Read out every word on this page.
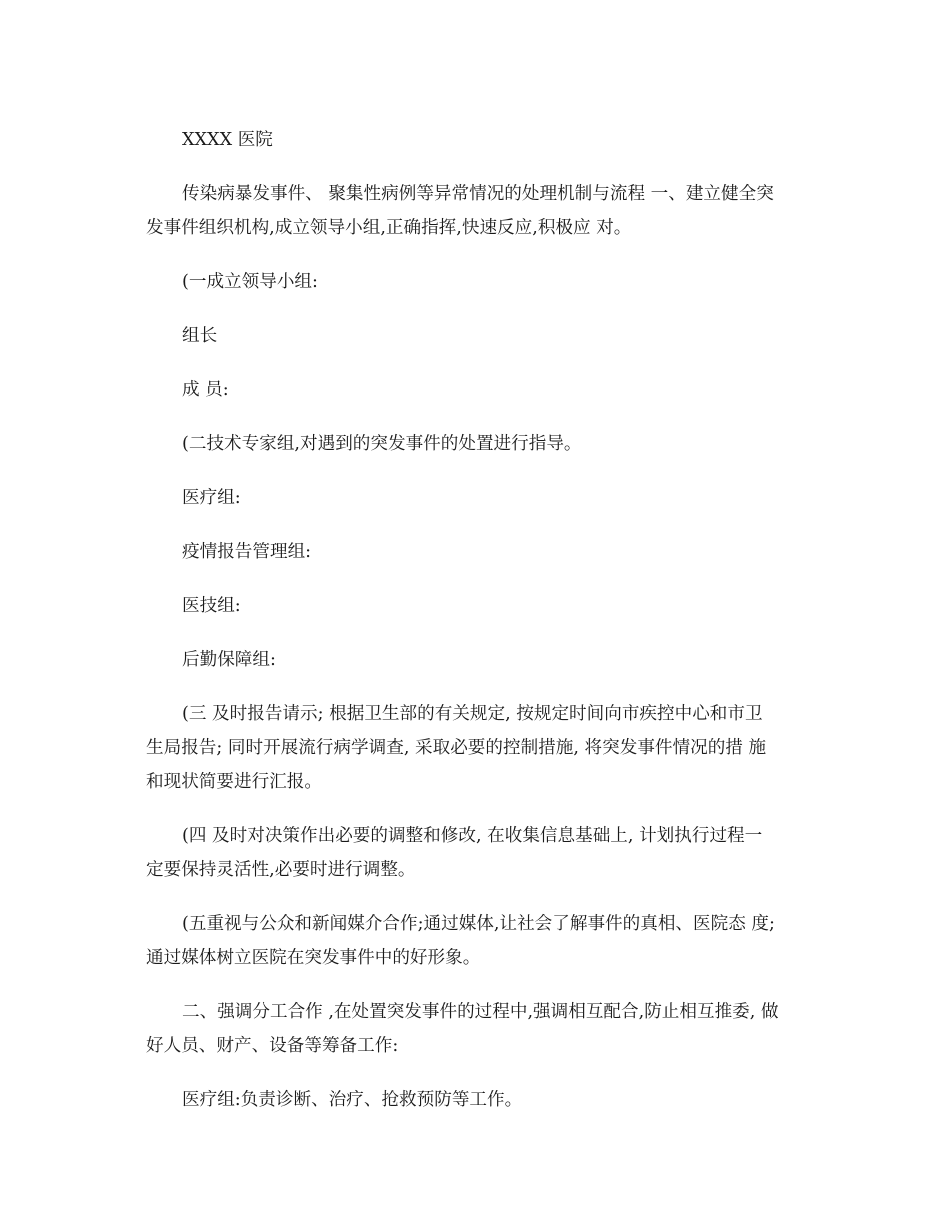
XXXX 医院
传染病暴发事件、 聚集性病例等异常情况的处理机制与流程 一、建立健全突
发事件组织机构,成立领导小组,正确指挥,快速反应,积极应 对。
(一成立领导小组:
组长
成 员:
(二技术专家组,对遇到的突发事件的处置进行指导。
医疗组:
疫情报告管理组:
医技组:
后勤保障组:
(三 及时报告请示; 根据卫生部的有关规定, 按规定时间向市疾控中心和市卫
生局报告; 同时开展流行病学调查, 采取必要的控制措施, 将突发事件情况的措 施
和现状简要进行汇报。
(四 及时对决策作出必要的调整和修改, 在收集信息基础上, 计划执行过程一
定要保持灵活性,必要时进行调整。
(五重视与公众和新闻媒介合作;通过媒体,让社会了解事件的真相、医院态 度;
通过媒体树立医院在突发事件中的好形象。
二、强调分工合作 ,在处置突发事件的过程中,强调相互配合,防止相互推委, 做
好人员、财产、设备等筹备工作:
医疗组:负责诊断、治疗、抢救预防等工作。
